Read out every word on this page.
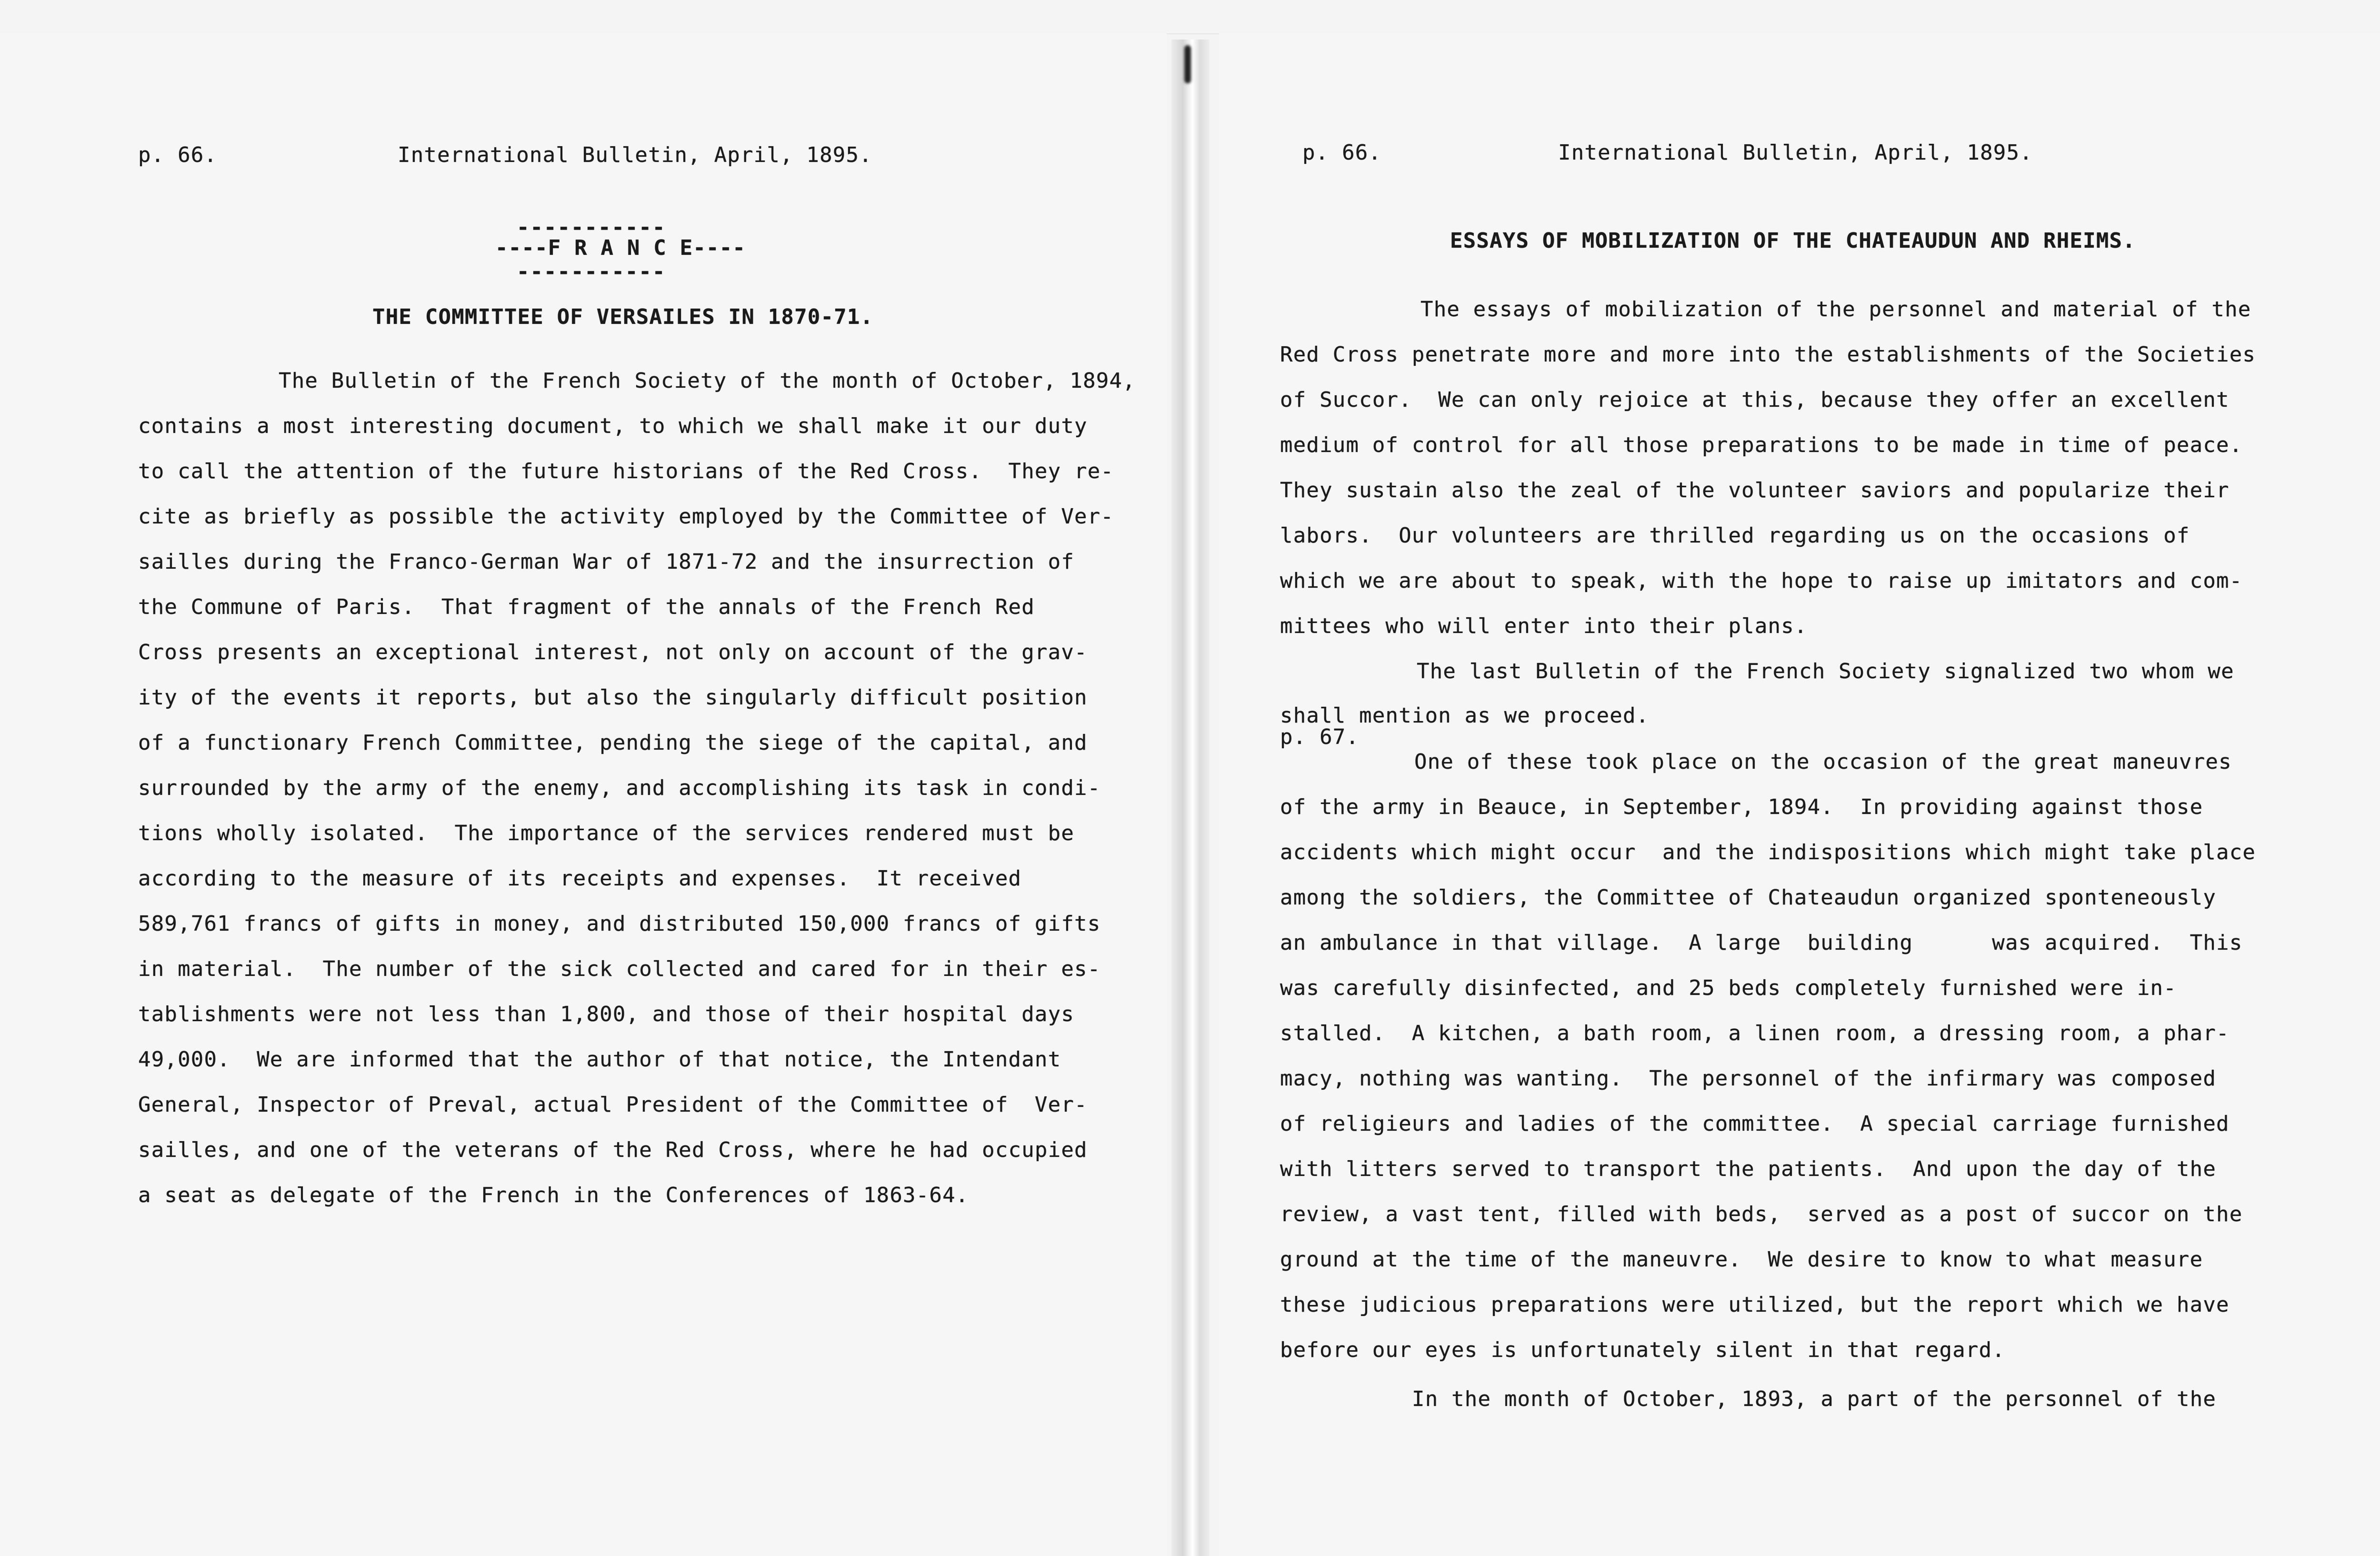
p. 66.	International Bulletin, April, 1895.
-----------
----F R A N C E----
-----------
THE COMMITTEE OF VERSAILES IN 1870-71.
The Bulletin of the French Society of the month of October, 1894,
contains a most interesting document, to which we shall make it our duty
to call the attention of the future historians of the Red Cross.  They re-
cite as briefly as possible the activity employed by the Committee of Ver-
sailles during the Franco-German War of 1871-72 and the insurrection of
the Commune of Paris.  That fragment of the annals of the French Red
Cross presents an exceptional interest, not only on account of the grav-
ity of the events it reports, but also the singularly difficult position
of a functionary French Committee, pending the siege of the capital, and
surrounded by the army of the enemy, and accomplishing its task in condi-
tions wholly isolated.  The importance of the services rendered must be
according to the measure of its receipts and expenses.  It received
589,761 francs of gifts in money, and distributed 150,000 francs of gifts
in material.  The number of the sick collected and cared for in their es-
tablishments were not less than 1,800, and those of their hospital days
49,000.  We are informed that the author of that notice, the Intendant
General, Inspector of Preval, actual President of the Committee of  Ver-
sailles, and one of the veterans of the Red Cross, where he had occupied
a seat as delegate of the French in the Conferences of 1863-64.
p. 66.	International Bulletin, April, 1895.
ESSAYS OF MOBILIZATION OF THE CHATEAUDUN AND RHEIMS.
The essays of mobilization of the personnel and material of the
Red Cross penetrate more and more into the establishments of the Societies
of Succor.  We can only rejoice at this, because they offer an excellent
medium of control for all those preparations to be made in time of peace.
They sustain also the zeal of the volunteer saviors and popularize their
labors.  Our volunteers are thrilled regarding us on the occasions of
which we are about to speak, with the hope to raise up imitators and com-
mittees who will enter into their plans.
The last Bulletin of the French Society signalized two whom we
shall mention as we proceed.
p. 67.
One of these took place on the occasion of the great maneuvres
of the army in Beauce, in September, 1894.  In providing against those
accidents which might occur  and the indispositions which might take place
among the soldiers, the Committee of Chateaudun organized sponteneously
an ambulance in that village.  A large  building      was acquired.  This
was carefully disinfected, and 25 beds completely furnished were in-
stalled.  A kitchen, a bath room, a linen room, a dressing room, a phar-
macy, nothing was wanting.  The personnel of the infirmary was composed
of religieurs and ladies of the committee.  A special carriage furnished
with litters served to transport the patients.  And upon the day of the
review, a vast tent, filled with beds,  served as a post of succor on the
ground at the time of the maneuvre.  We desire to know to what measure
these judicious preparations were utilized, but the report which we have
before our eyes is unfortunately silent in that regard.
In the month of October, 1893, a part of the personnel of the
